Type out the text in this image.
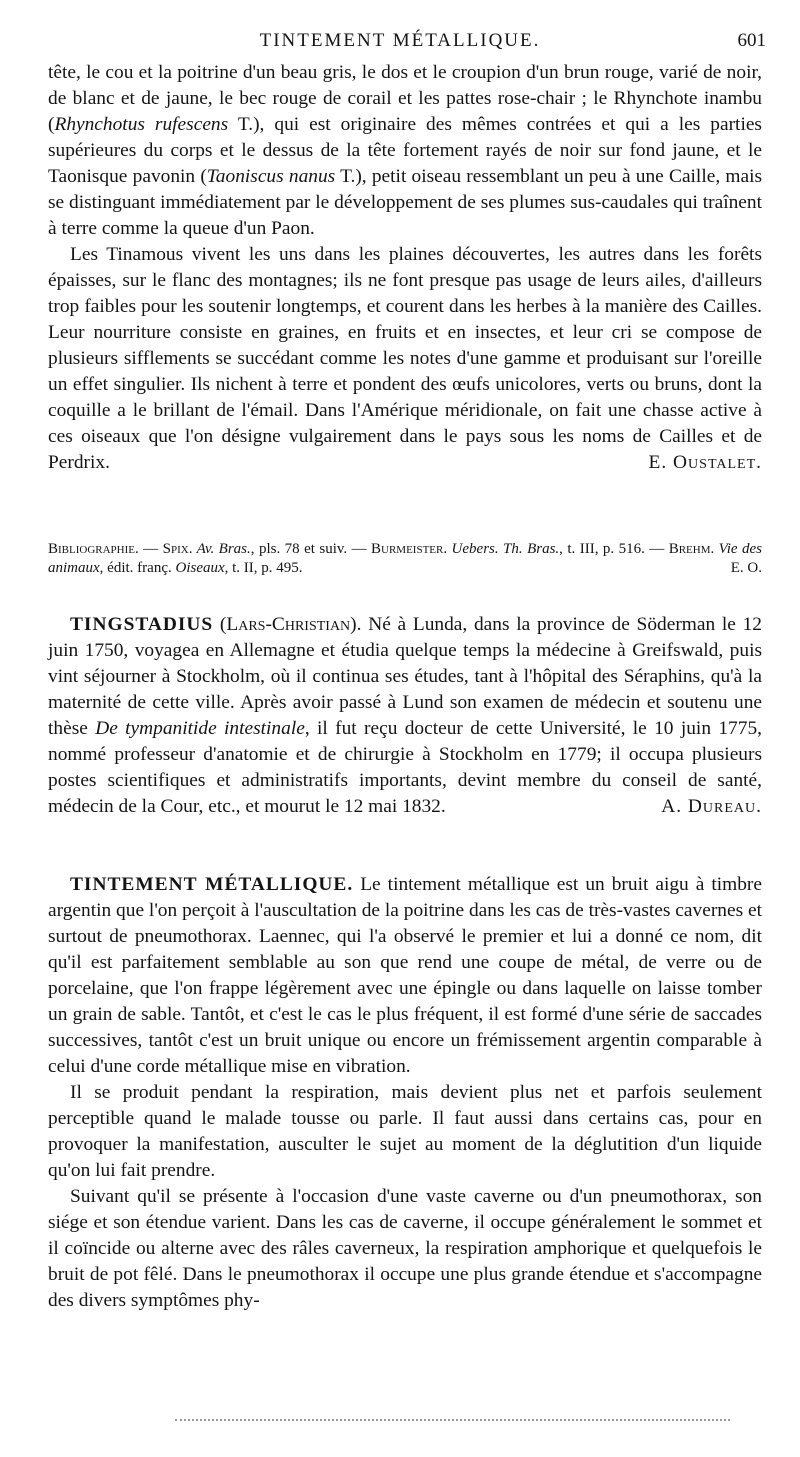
TINTEMENT MÉTALLIQUE.	601

tête, le cou et la poitrine d'un beau gris, le dos et le croupion d'un brun rouge, varié de noir, de blanc et de jaune, le bec rouge de corail et les pattes rose-chair ; le Rhynchote inambu (Rhynchotus rufescens T.), qui est originaire des mêmes contrées et qui a les parties supérieures du corps et le dessus de la tête fortement rayés de noir sur fond jaune, et le Taonisque pavonin (Taoniscus nanus T.), petit oiseau ressemblant un peu à une Caille, mais se distinguant immédiatement par le développement de ses plumes sus-caudales qui traînent à terre comme la queue d'un Paon.

Les Tinamous vivent les uns dans les plaines découvertes, les autres dans les forêts épaisses, sur le flanc des montagnes; ils ne font presque pas usage de leurs ailes, d'ailleurs trop faibles pour les soutenir longtemps, et courent dans les herbes à la manière des Cailles. Leur nourriture consiste en graines, en fruits et en insectes, et leur cri se compose de plusieurs sifflements se succédant comme les notes d'une gamme et produisant sur l'oreille un effet singulier. Ils nichent à terre et pondent des œufs unicolores, verts ou bruns, dont la coquille a le brillant de l'émail. Dans l'Amérique méridionale, on fait une chasse active à ces oiseaux que l'on désigne vulgairement dans le pays sous les noms de Cailles et de Perdrix.	E. Oustalet.

Bibliographie. — Spix. Av. Bras., pls. 78 et suiv. — Burmeister. Uebers. Th. Bras., t. III, p. 516. — Brehm. Vie des animaux, édit. franç. Oiseaux, t. II, p. 495.	E. O.

TINGSTADIUS (Lars-Christian). Né à Lunda, dans la province de Söderman le 12 juin 1750, voyagea en Allemagne et étudia quelque temps la médecine à Greifswald, puis vint séjourner à Stockholm, où il continua ses études, tant à l'hôpital des Séraphins, qu'à la maternité de cette ville. Après avoir passé à Lund son examen de médecin et soutenu une thèse De tympanitide intestinale, il fut reçu docteur de cette Université, le 10 juin 1775, nommé professeur d'anatomie et de chirurgie à Stockholm en 1779; il occupa plusieurs postes scientifiques et administratifs importants, devint membre du conseil de santé, médecin de la Cour, etc., et mourut le 12 mai 1832.	A. Dureau.

TINTEMENT MÉTALLIQUE. Le tintement métallique est un bruit aigu à timbre argentin que l'on perçoit à l'auscultation de la poitrine dans les cas de très-vastes cavernes et surtout de pneumothorax. Laennec, qui l'a observé le premier et lui a donné ce nom, dit qu'il est parfaitement semblable au son que rend une coupe de métal, de verre ou de porcelaine, que l'on frappe légèrement avec une épingle ou dans laquelle on laisse tomber un grain de sable. Tantôt, et c'est le cas le plus fréquent, il est formé d'une série de saccades successives, tantôt c'est un bruit unique ou encore un frémissement argentin comparable à celui d'une corde métallique mise en vibration.

Il se produit pendant la respiration, mais devient plus net et parfois seulement perceptible quand le malade tousse ou parle. Il faut aussi dans certains cas, pour en provoquer la manifestation, ausculter le sujet au moment de la déglutition d'un liquide qu'on lui fait prendre.

Suivant qu'il se présente à l'occasion d'une vaste caverne ou d'un pneumothorax, son siége et son étendue varient. Dans les cas de caverne, il occupe généralement le sommet et il coïncide ou alterne avec des râles caverneux, la respiration amphorique et quelquefois le bruit de pot fêlé. Dans le pneumothorax il occupe une plus grande étendue et s'accompagne des divers symptômes phy-
